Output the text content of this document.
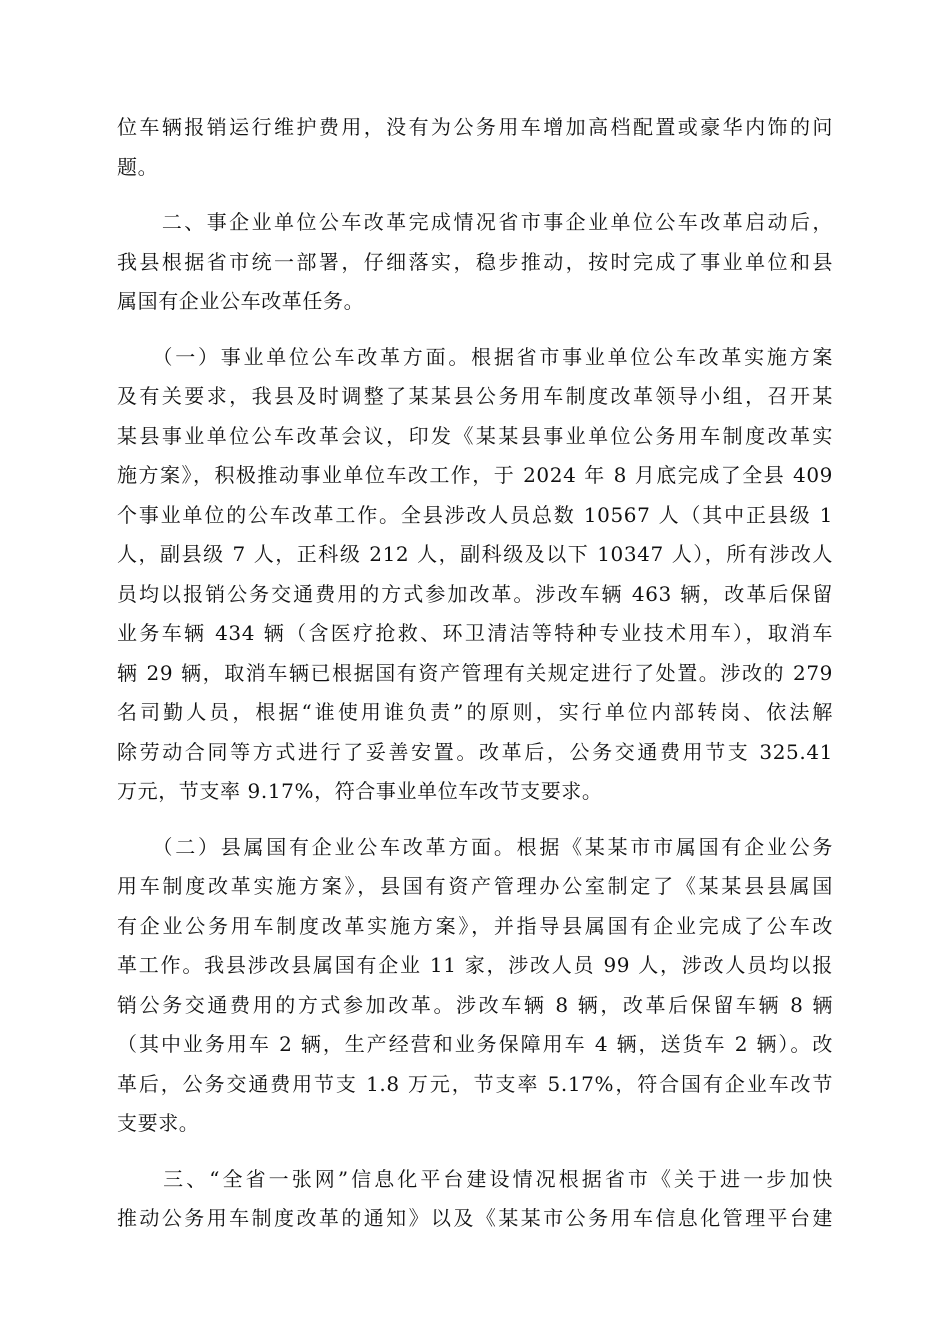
位车辆报销运行维护费用，没有为公务用车增加高档配置或豪华内饰的问
题。
　　二、事企业单位公车改革完成情况省市事企业单位公车改革启动后，
我县根据省市统一部署，仔细落实，稳步推动，按时完成了事业单位和县
属国有企业公车改革任务。
　　（一）事业单位公车改革方面。根据省市事业单位公车改革实施方案
及有关要求，我县及时调整了某某县公务用车制度改革领导小组，召开某
某县事业单位公车改革会议，印发《某某县事业单位公务用车制度改革实
施方案》，积极推动事业单位车改工作，于 2024 年 8 月底完成了全县 409
个事业单位的公车改革工作。全县涉改人员总数 10567 人（其中正县级 1
人，副县级 7 人，正科级 212 人，副科级及以下 10347 人），所有涉改人
员均以报销公务交通费用的方式参加改革。涉改车辆 463 辆，改革后保留
业务车辆 434 辆（含医疗抢救、环卫清洁等特种专业技术用车），取消车
辆 29 辆，取消车辆已根据国有资产管理有关规定进行了处置。涉改的 279
名司勤人员，根据“谁使用谁负责”的原则，实行单位内部转岗、依法解
除劳动合同等方式进行了妥善安置。改革后，公务交通费用节支 325.41
万元，节支率 9.17%，符合事业单位车改节支要求。
　　（二）县属国有企业公车改革方面。根据《某某市市属国有企业公务
用车制度改革实施方案》，县国有资产管理办公室制定了《某某县县属国
有企业公务用车制度改革实施方案》，并指导县属国有企业完成了公车改
革工作。我县涉改县属国有企业 11 家，涉改人员 99 人，涉改人员均以报
销公务交通费用的方式参加改革。涉改车辆 8 辆，改革后保留车辆 8 辆
（其中业务用车 2 辆，生产经营和业务保障用车 4 辆，送货车 2 辆）。改
革后，公务交通费用节支 1.8 万元，节支率 5.17%，符合国有企业车改节
支要求。
　　三、“全省一张网”信息化平台建设情况根据省市《关于进一步加快
推动公务用车制度改革的通知》以及《某某市公务用车信息化管理平台建
